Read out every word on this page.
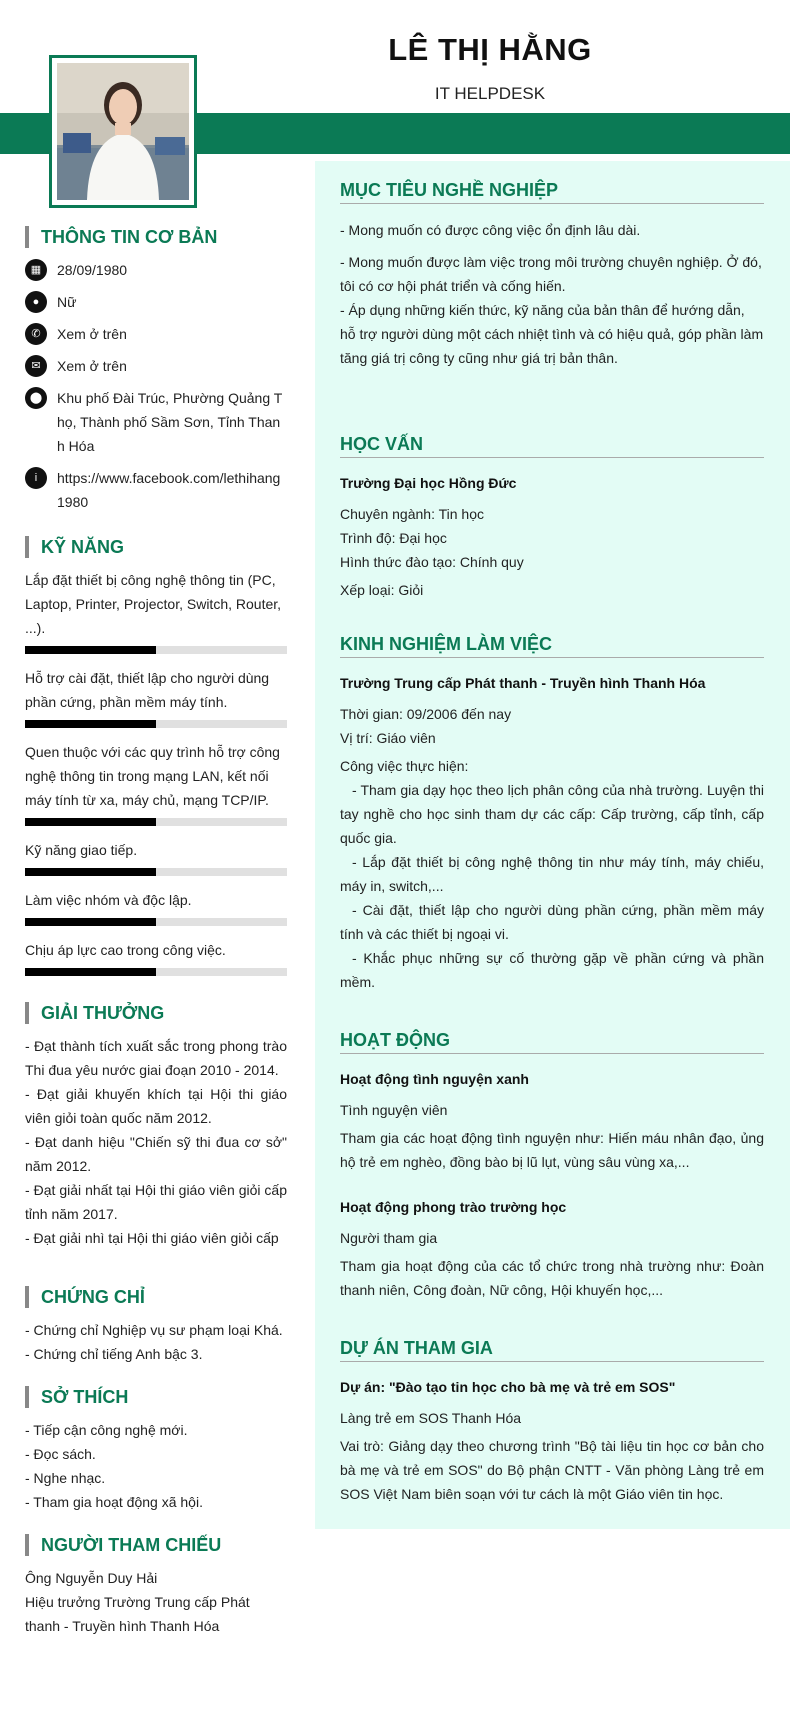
LÊ THỊ HẰNG
IT HELPDESK
THÔNG TIN CƠ BẢN
▦	28/09/1980
●	Nữ
✆	Xem ở trên
✉	Xem ở trên
⬤	Khu phố Đài Trúc, Phường Quảng Thọ, Thành phố Sầm Sơn, Tỉnh Thanh Hóa
i	https://www.facebook.com/lethihang1980
KỸ NĂNG
Lắp đặt thiết bị công nghệ thông tin (PC, Laptop, Printer, Projector, Switch, Router, ...).
Hỗ trợ cài đặt, thiết lập cho người dùng phần cứng, phần mềm máy tính.
Quen thuộc với các quy trình hỗ trợ công nghệ thông tin trong mạng LAN, kết nối máy tính từ xa, máy chủ, mạng TCP/IP.
Kỹ năng giao tiếp.
Làm việc nhóm và độc lập.
Chịu áp lực cao trong công việc.
GIẢI THƯỞNG
- Đạt thành tích xuất sắc trong phong trào Thi đua yêu nước giai đoạn 2010 - 2014.
- Đạt giải khuyến khích tại Hội thi giáo viên giỏi toàn quốc năm 2012.
- Đạt danh hiệu "Chiến sỹ thi đua cơ sở" năm 2012.
- Đạt giải nhất tại Hội thi giáo viên giỏi cấp tỉnh năm 2017.
- Đạt giải nhì tại Hội thi giáo viên giỏi cấp
CHỨNG CHỈ
- Chứng chỉ Nghiệp vụ sư phạm loại Khá.
- Chứng chỉ tiếng Anh bậc 3.
SỞ THÍCH
- Tiếp cận công nghệ mới.
- Đọc sách.
- Nghe nhạc.
- Tham gia hoạt động xã hội.
NGƯỜI THAM CHIẾU
Ông Nguyễn Duy Hải
Hiệu trưởng Trường Trung cấp Phát thanh - Truyền hình Thanh Hóa
MỤC TIÊU NGHỀ NGHIỆP
- Mong muốn có được công việc ổn định lâu dài.
- Mong muốn được làm việc trong môi trường chuyên nghiệp. Ở đó, tôi có cơ hội phát triển và cống hiến.
- Áp dụng những kiến thức, kỹ năng của bản thân để hướng dẫn, hỗ trợ người dùng một cách nhiệt tình và có hiệu quả, góp phần làm tăng giá trị công ty cũng như giá trị bản thân.
HỌC VẤN
Trường Đại học Hồng Đức
Chuyên ngành: Tin học
Trình độ: Đại học
Hình thức đào tạo: Chính quy
Xếp loại: Giỏi
KINH NGHIỆM LÀM VIỆC
Trường Trung cấp Phát thanh - Truyền hình Thanh Hóa
Thời gian: 09/2006 đến nay
Vị trí: Giáo viên
Công việc thực hiện:
- Tham gia dạy học theo lịch phân công của nhà trường. Luyện thi tay nghề cho học sinh tham dự các cấp: Cấp trường, cấp tỉnh, cấp quốc gia.
- Lắp đặt thiết bị công nghệ thông tin như máy tính, máy chiếu, máy in, switch,...
- Cài đặt, thiết lập cho người dùng phần cứng, phần mềm máy tính và các thiết bị ngoại vi.
- Khắc phục những sự cố thường gặp về phần cứng và phần mềm.
HOẠT ĐỘNG
Hoạt động tình nguyện xanh
Tình nguyện viên
Tham gia các hoạt động tình nguyện như: Hiến máu nhân đạo, ủng hộ trẻ em nghèo, đồng bào bị lũ lụt, vùng sâu vùng xa,...
Hoạt động phong trào trường học
Người tham gia
Tham gia hoạt động của các tổ chức trong nhà trường như: Đoàn thanh niên, Công đoàn, Nữ công, Hội khuyến học,...
DỰ ÁN THAM GIA
Dự án: "Đào tạo tin học cho bà mẹ và trẻ em SOS"
Làng trẻ em SOS Thanh Hóa
Vai trò: Giảng dạy theo chương trình "Bộ tài liệu tin học cơ bản cho bà mẹ và trẻ em SOS" do Bộ phận CNTT - Văn phòng Làng trẻ em SOS Việt Nam biên soạn với tư cách là một Giáo viên tin học.
